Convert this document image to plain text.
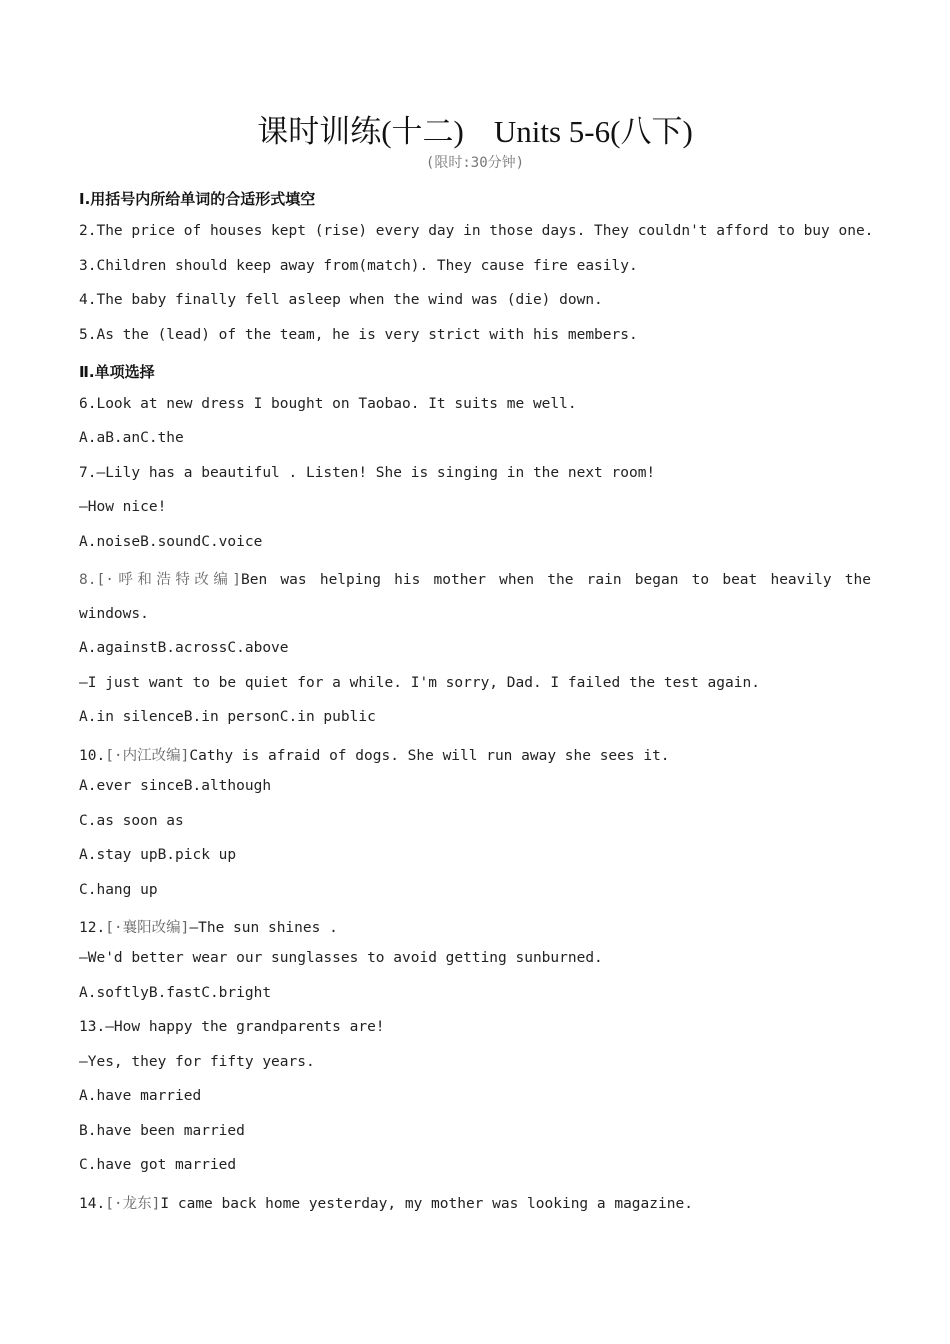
课时训练(十二) Units 5-6(八下)
(限时:30分钟)
Ⅰ.用括号内所给单词的合适形式填空
2.The price of houses kept (rise) every day in those days. They couldn't afford to buy one.
3.Children should keep away from(match). They cause fire easily.
4.The baby finally fell asleep when the wind was (die) down.
5.As the (lead) of the team, he is very strict with his members.
Ⅱ.单项选择
6.Look at new dress I bought on Taobao. It suits me well.
A.aB.anC.the
7.—Lily has a beautiful . Listen! She is singing in the next room!
—How nice!
A.noiseB.soundC.voice
8.[·呼和浩特改编]Ben was helping his mother when the rain began to beat heavily the
windows.
A.againstB.acrossC.above
—I just want to be quiet for a while. I'm sorry, Dad. I failed the test again.
A.in silenceB.in personC.in public
10.[·内江改编]Cathy is afraid of dogs. She will run away she sees it.
A.ever sinceB.although
C.as soon as
A.stay upB.pick up
C.hang up
12.[·襄阳改编]—The sun shines .
—We'd better wear our sunglasses to avoid getting sunburned.
A.softlyB.fastC.bright
13.—How happy the grandparents are!
—Yes, they for fifty years.
A.have married
B.have been married
C.have got married
14.[·龙东]I came back home yesterday, my mother was looking a magazine.
